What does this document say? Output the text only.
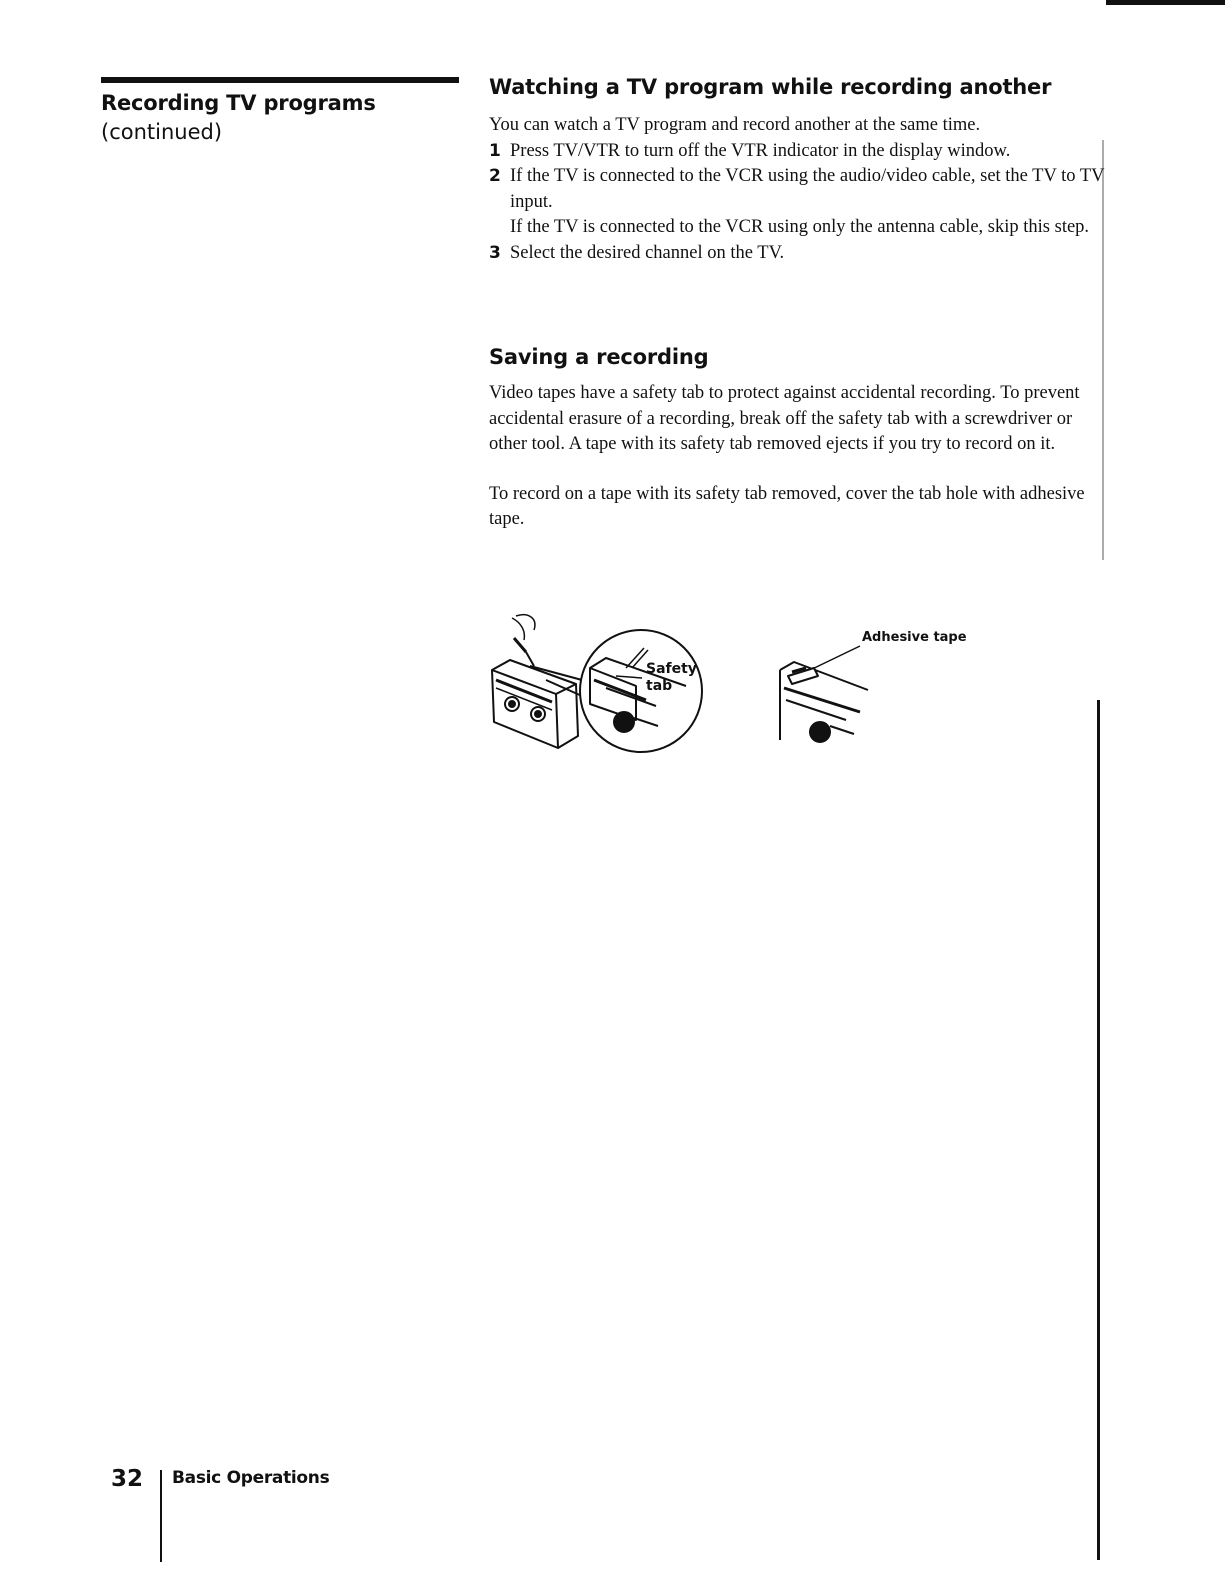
Recording TV programs
(continued)
Watching a TV program while recording another

You can watch a TV program and record another at the same time.

1 Press TV/VTR to turn off the VTR indicator in the display window.
2 If the TV is connected to the VCR using the audio/video cable, set the TV to TV input.
If the TV is connected to the VCR using only the antenna cable, skip this step.
3 Select the desired channel on the TV.
Saving a recording

Video tapes have a safety tab to protect against accidental recording. To prevent accidental erasure of a recording, break off the safety tab with a screwdriver or other tool. A tape with its safety tab removed ejects if you try to record on it.

To record on a tape with its safety tab removed, cover the tab hole with adhesive tape.

Safety
tab
Adhesive tape
32 Basic Operations
